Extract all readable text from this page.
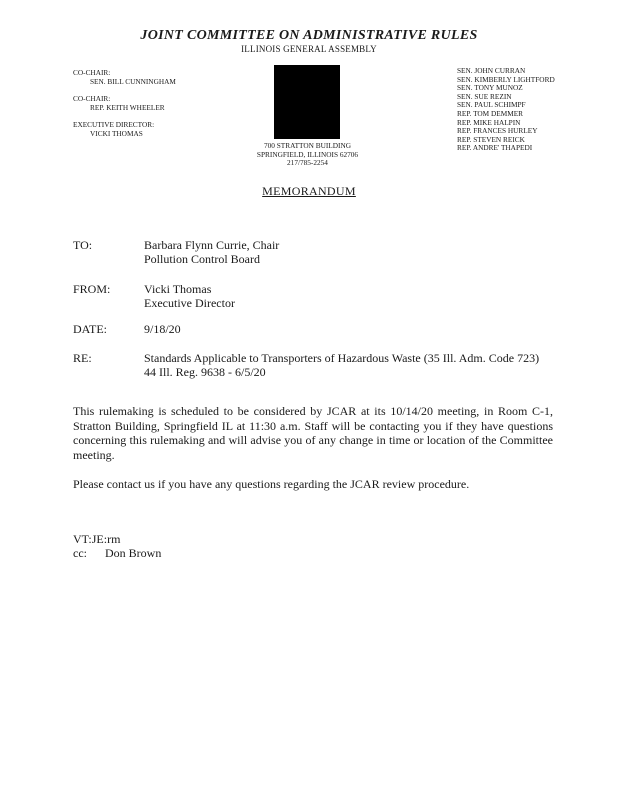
JOINT COMMITTEE ON ADMINISTRATIVE RULES
ILLINOIS GENERAL ASSEMBLY
CO-CHAIR:
SEN. BILL CUNNINGHAM
CO-CHAIR:
REP. KEITH WHEELER
EXECUTIVE DIRECTOR:
VICKI THOMAS
700 STRATTON BUILDING
SPRINGFIELD, ILLINOIS 62706
217/785-2254
SEN. JOHN CURRAN
SEN. KIMBERLY LIGHTFORD
SEN. TONY MUNOZ
SEN. SUE REZIN
SEN. PAUL SCHIMPF
REP. TOM DEMMER
REP. MIKE HALPIN
REP. FRANCES HURLEY
REP. STEVEN REICK
REP. ANDRE' THAPEDI
MEMORANDUM
TO:	Barbara Flynn Currie, Chair
Pollution Control Board
FROM:	Vicki Thomas
Executive Director
DATE:	9/18/20
RE:	Standards Applicable to Transporters of Hazardous Waste (35 Ill. Adm. Code 723)
44 Ill. Reg. 9638 - 6/5/20
This rulemaking is scheduled to be considered by JCAR at its 10/14/20 meeting, in Room C-1, Stratton Building, Springfield IL at 11:30 a.m. Staff will be contacting you if they have questions concerning this rulemaking and will advise you of any change in time or location of the Committee meeting.
Please contact us if you have any questions regarding the JCAR review procedure.
VT:JE:rm
cc: Don Brown
